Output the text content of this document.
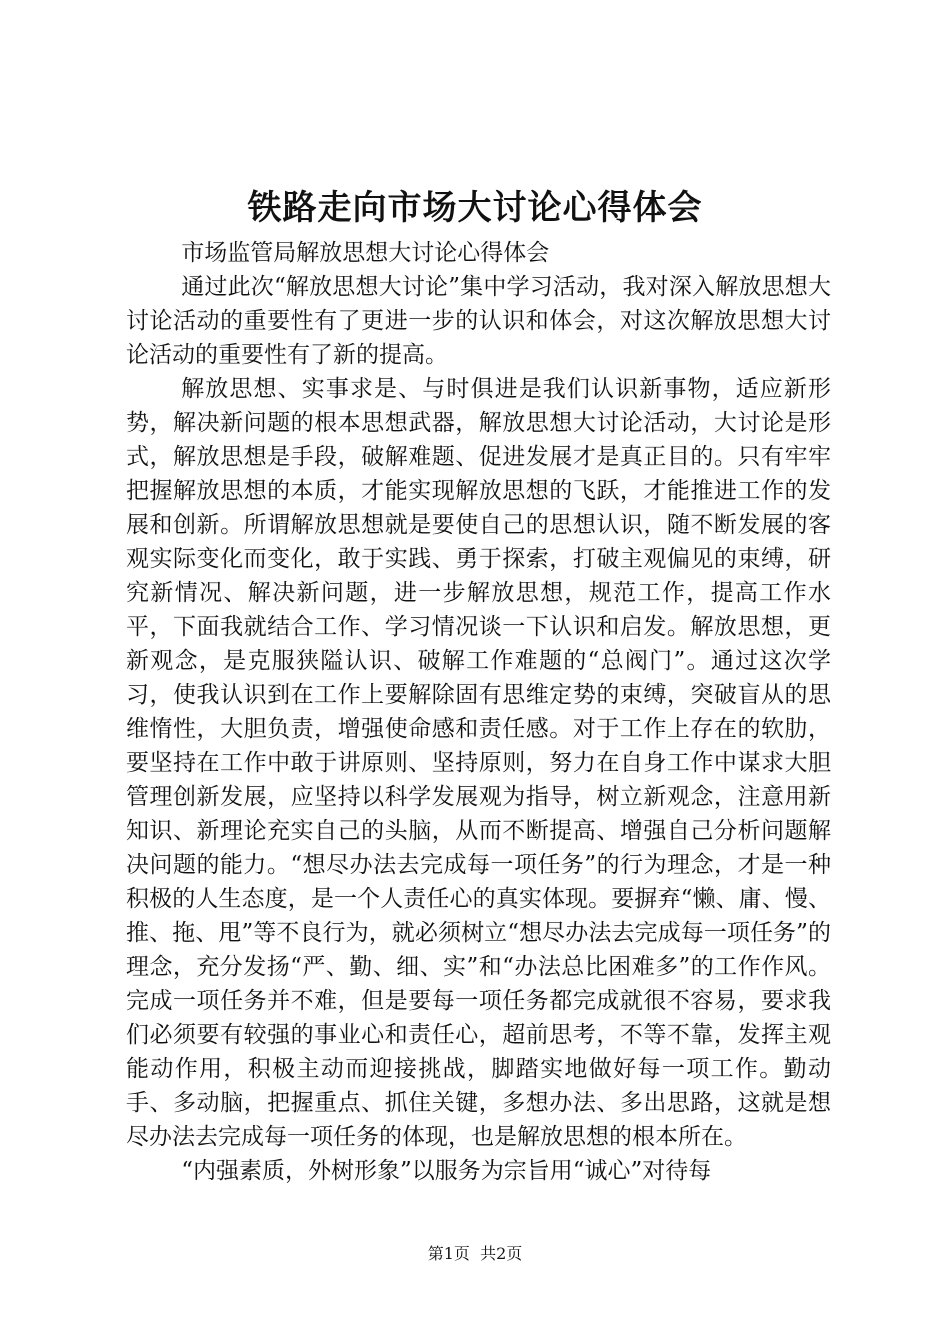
铁路走向市场大讨论心得体会

市场监管局解放思想大讨论心得体会

通过此次“解放思想大讨论”集中学习活动，我对深入解放思想大讨论活动的重要性有了更进一步的认识和体会，对这次解放思想大讨论活动的重要性有了新的提高。

解放思想、实事求是、与时俱进是我们认识新事物，适应新形势，解决新问题的根本思想武器，解放思想大讨论活动，大讨论是形式，解放思想是手段，破解难题、促进发展才是真正目的。只有牢牢把握解放思想的本质，才能实现解放思想的飞跃，才能推进工作的发展和创新。所谓解放思想就是要使自己的思想认识，随不断发展的客观实际变化而变化，敢于实践、勇于探索，打破主观偏见的束缚，研究新情况、解决新问题，进一步解放思想，规范工作，提高工作水平，下面我就结合工作、学习情况谈一下认识和启发。解放思想，更新观念，是克服狭隘认识、破解工作难题的“总阀门”。通过这次学习，使我认识到在工作上要解除固有思维定势的束缚，突破盲从的思维惰性，大胆负责，增强使命感和责任感。对于工作上存在的软肋，要坚持在工作中敢于讲原则、坚持原则，努力在自身工作中谋求大胆管理创新发展，应坚持以科学发展观为指导，树立新观念，注意用新知识、新理论充实自己的头脑，从而不断提高、增强自己分析问题解决问题的能力。“想尽办法去完成每一项任务”的行为理念，才是一种积极的人生态度，是一个人责任心的真实体现。要摒弃“懒、庸、慢、推、拖、甩”等不良行为，就必须树立“想尽办法去完成每一项任务”的理念，充分发扬“严、勤、细、实”和“办法总比困难多”的工作作风。完成一项任务并不难，但是要每一项任务都完成就很不容易，要求我们必须要有较强的事业心和责任心，超前思考，不等不靠，发挥主观能动作用，积极主动而迎接挑战，脚踏实地做好每一项工作。勤动手、多动脑，把握重点、抓住关键，多想办法、多出思路，这就是想尽办法去完成每一项任务的体现，也是解放思想的根本所在。

“内强素质，外树形象”以服务为宗旨用“诚心”对待每

第1页 共2页
